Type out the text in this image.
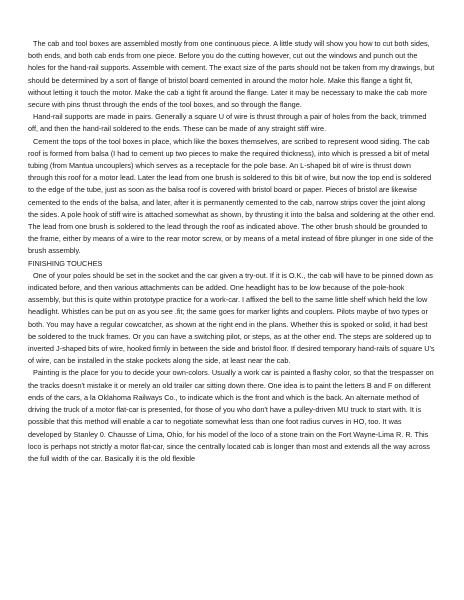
The cab and tool boxes are assembled mostly from one continuous piece. A little study will show you how to cut both sides, both ends, and both cab ends from one piece. Before you do the cutting however, cut out the windows and punch out the holes for the hand-rail supports. Assemble with cement. The exact size of the parts should not be taken from my drawings, but should be determined by a sort of flange of bristol board cemented in around the motor hole. Make this flange a tight fit, without letting it touch the motor. Make the cab a tight fit around the flange. Later it may be necessary to make the cab more secure with pins thrust through the ends of the tool boxes, and so through the flange.

Hand-rail supports are made in pairs. Generally a square U of wire is thrust through a pair of holes from the back, trimmed off, and then the hand-rail soldered to the ends. These can be made of any straight stiff wire.

Cement the tops of the tool boxes in place, which like the boxes themselves, are scribed to represent wood siding. The cab roof is formed from balsa (I had to cement up two pieces to make the required thickness), into which is pressed a bit of metal tubing (from Mantua uncouplers) which serves as a receptacle for the pole base. An L-shaped bit of wire is thrust down through this roof for a motor lead. Later the lead from one brush is soldered to this bit of wire, but now the top end is soldered to the edge of the tube, just as soon as the balsa roof is covered with bristol board or paper. Pieces of bristol are likewise cemented to the ends of the balsa, and later, after it is permanently cemented to the cab, narrow strips cover the joint along the sides. A pole hook of stiff wire is attached somewhat as shown, by thrusting it into the balsa and soldering at the other end. The lead from one brush is soldered to the lead through the roof as indicated above. The other brush should be grounded to the frame, either by means of a wire to the rear motor screw, or by means of a metal instead of fibre plunger in one side of the brush assembly.

FINISHING TOUCHES

One of your poles should be set in the socket and the car given a try-out. If it is O.K., the cab will have to be pinned down as indicated before, and then various attachments can be added. One headlight has to be low because of the pole-hook assembly, but this is quite within prototype practice for a work-car. I affixed the bell to the same little shelf which held the low headlight. Whistles can be put on as you see .fit; the same goes for marker lights and couplers. Pilots maybe of two types or both. You may have a regular cowcatcher, as shown at the right end in the plans. Whether this is spoked or solid, it had best be soldered to the truck frames. Or you can have a switching pilot, or steps, as at the other end. The steps are soldered up to inverted J-shaped bits of wire, hooked firmly in between the side and bristol floor. If desired temporary hand-rails of square U's of wire, can be installed in the stake pockets along the side, at least near the cab.

Painting is the place for you to decide your own-colors. Usually a work car is painted a flashy color, so that the trespasser on the tracks doesn't mistake it or merely an old trailer car sitting down there. One idea is to paint the letters B and F on different ends of the cars, a la Oklahoma Railways Co., to indicate which is the front and which is the back. An alternate method of driving the truck of a motor flat-car is presented, for those of you who don't have a pulley-driven MU truck to start with. It is possible that this method will enable a car to negotiate somewhat less than one foot radius curves in HO, too. It was developed by Stanley 0. Chausse of Lima, Ohio, for his model of the loco of a stone train on the Fort Wayne-Lima R. R. This loco is perhaps not strictly a motor flat-car, since the centrally located cab is longer than most and extends all the way across the full width of the car. Basically it is the old flexible
